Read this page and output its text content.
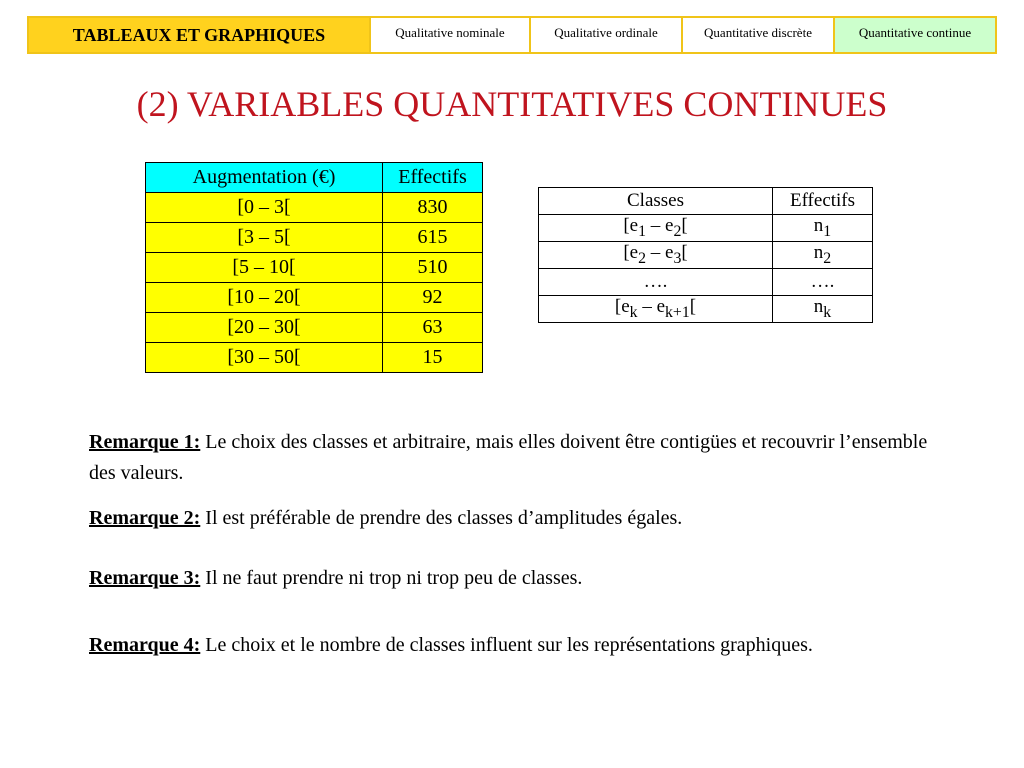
TABLEAUX ET GRAPHIQUES	Qualitative nominale	Qualitative ordinale	Quantitative discrète	Quantitative continue
(2) VARIABLES QUANTITATIVES CONTINUES
Augmentation (€)	Effectifs
[0 – 3[	830
[3 – 5[	615
[5 – 10[	510
[10 – 20[	92
[20 – 30[	63
[30 – 50[	15
Classes	Effectifs
[$e_1 - e_2$[	$n_1$
[$e_2 - e_3$[	$n_2$
….	….
[$e_k - e_{k+1}$[	$n_k$

Remarque 1: Le choix des classes et arbitraire, mais elles doivent être contigües et recouvrir l’ensemble des valeurs.

Remarque 2: Il est préférable de prendre des classes d’amplitudes égales.

Remarque 3: Il ne faut prendre ni trop ni trop peu de classes.

Remarque 4: Le choix et le nombre de classes influent sur les représentations graphiques.
